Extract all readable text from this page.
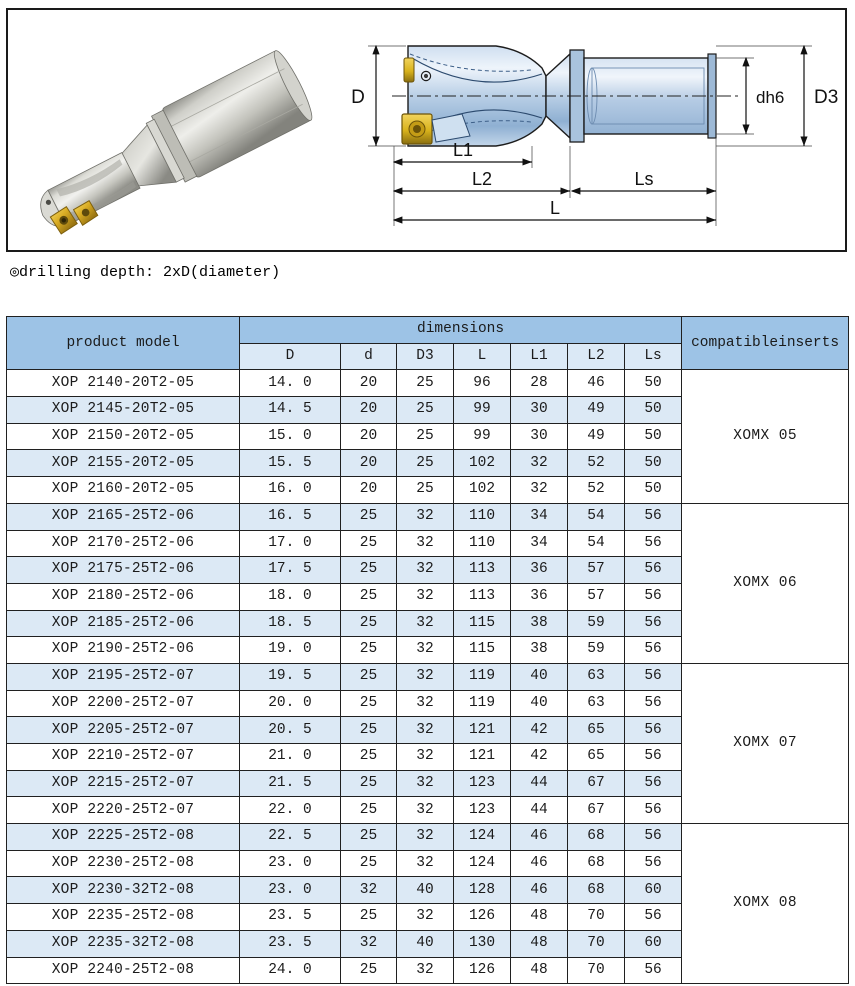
D	dh6 D3
L1
L2	Ls
L
◎drilling depth: 2xD(diameter)
product model	dimensions							compatibleinserts
	D	d	D3	L	L1	L2	Ls	
XOP 2140-20T2-05	14. 0	20	25	96	28	46	50	XOMX 05
XOP 2145-20T2-05	14. 5	20	25	99	30	49	50	
XOP 2150-20T2-05	15. 0	20	25	99	30	49	50	
XOP 2155-20T2-05	15. 5	20	25	102	32	52	50	
XOP 2160-20T2-05	16. 0	20	25	102	32	52	50	
XOP 2165-25T2-06	16. 5	25	32	110	34	54	56	XOMX 06
XOP 2170-25T2-06	17. 0	25	32	110	34	54	56	
XOP 2175-25T2-06	17. 5	25	32	113	36	57	56	
XOP 2180-25T2-06	18. 0	25	32	113	36	57	56	
XOP 2185-25T2-06	18. 5	25	32	115	38	59	56	
XOP 2190-25T2-06	19. 0	25	32	115	38	59	56	
XOP 2195-25T2-07	19. 5	25	32	119	40	63	56	XOMX 07
XOP 2200-25T2-07	20. 0	25	32	119	40	63	56	
XOP 2205-25T2-07	20. 5	25	32	121	42	65	56	
XOP 2210-25T2-07	21. 0	25	32	121	42	65	56	
XOP 2215-25T2-07	21. 5	25	32	123	44	67	56	
XOP 2220-25T2-07	22. 0	25	32	123	44	67	56	
XOP 2225-25T2-08	22. 5	25	32	124	46	68	56	XOMX 08
XOP 2230-25T2-08	23. 0	25	32	124	46	68	56	
XOP 2230-32T2-08	23. 0	32	40	128	46	68	60	
XOP 2235-25T2-08	23. 5	25	32	126	48	70	56	
XOP 2235-32T2-08	23. 5	32	40	130	48	70	60	
XOP 2240-25T2-08	24. 0	25	32	126	48	70	56	
